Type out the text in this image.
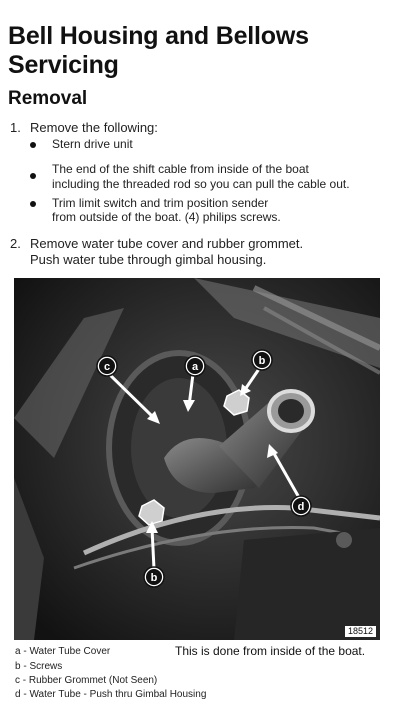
Bell Housing and Bellows Servicing
Removal
1. Remove the following:
Stern drive unit
The end of the shift cable from inside of the boat
including the threaded rod so you can pull the cable out.
Trim limit switch and trim position sender
from outside of the boat. (4) philips screws.
2. Remove water tube cover and rubber grommet.
Push water tube through gimbal housing.
c	a	b
d
b
18512
a - Water Tube Cover
b - Screws
c - Rubber Grommet (Not Seen)
d - Water Tube - Push thru Gimbal Housing
This is done from inside of the boat.
